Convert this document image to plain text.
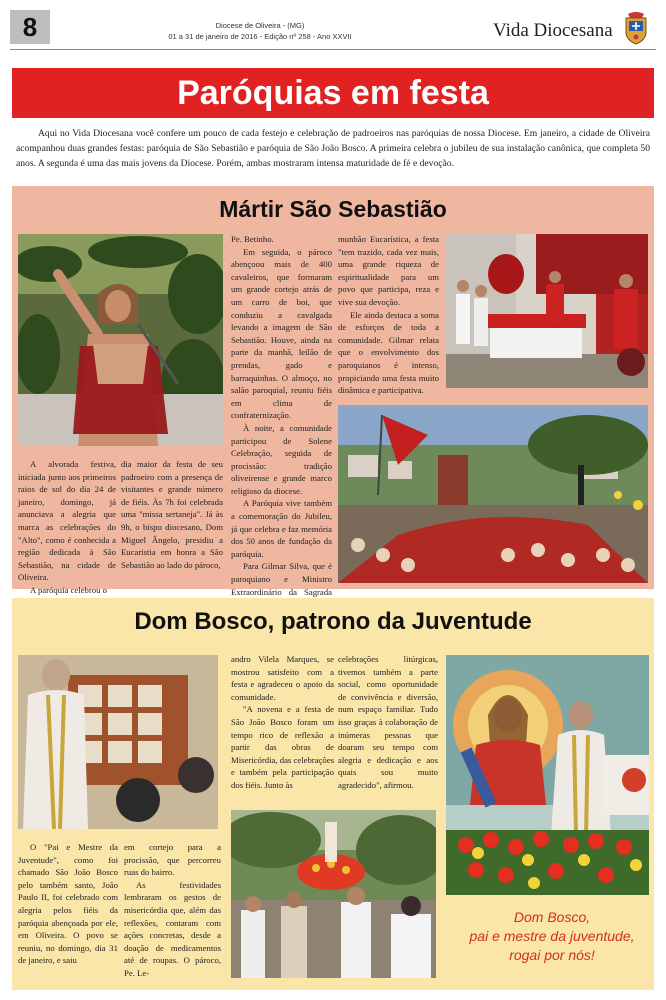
8	Diocese de Oliveira - (MG)
01 a 31 de janeiro de 2016 - Edição nº 258 - Ano XXVII	Vida Diocesana
Paróquias em festa
Aqui no Vida Diocesana você confere um pouco de cada festejo e celebração de padroeiros nas paróquias de nossa Diocese. Em janeiro, a cidade de Oliveira acompanhou duas grandes festas: paróquia de São Sebastião e paróquia de São João Bosco. A primeira celebra o jubileu de sua instalação canônica, que completa 50 anos. A segunda é uma das mais jovens da Diocese. Porém, ambas mostraram intensa maturidade de fé e devoção.
Mártir São Sebastião

A alvorada festiva, iniciada junto aos primeiros raios de sol do dia 24 de janeiro, domingo, já anunciava a alegria que marca as celebrações do "Alto", como é conhecida a região dedicada à São Sebastião, na cidade de Oliveira.

A paróquia celebrou o

dia maior da festa de seu padroeiro com a presença de visitantes e grande número de fiéis. Às 7h foi celebrada uma "missa sertaneja". Já às 9h, o bispo diocesano, Dom Miguel Ângelo, presidiu a Eucaristia em honra a São Sebastião ao lado do pároco,

Pe. Betinho.

Em seguida, o pároco abençoou mais de 400 cavaleiros, que formaram um grande cortejo atrás de um carro de boi, que conduziu a cavalgada levando a imagem de São Sebastião. Houve, ainda na parte da manhã, leilão de prendas, gado e barraquinhas. O almoço, no salão paroquial, reuniu fiéis em clima de confraternização.

À noite, a comunidade participou de Solene Celebração, seguida de procissão: tradição oliveirense e grande marco religioso da diocese.

A Paróquia vive também a comemoração do Jubileu, já que celebra e faz memória dos 50 anos de fundação da paróquia.

Para Gilmar Silva, que é paroquiano e Ministro Extraordinário da Sagrada

munhão Eucarística, a festa "tem trazido, cada vez mais, uma grande riqueza de espiritualidade para um povo que participa, reza e vive sua devoção.

Ele ainda destaca a soma de esforços de toda a comunidade. Gilmar relata que o envolvimento dos paroquianos é intenso, propiciando uma festa muito dinâmica e participativa.

Dom Bosco, patrono da Juventude

O "Pai e Mestre da Juventude", como foi chamado São João Bosco pelo também santo, João Paulo II, foi celebrado com alegria pelos fiéis da paróquia abençoada por ele, em Oliveira. O povo se reuniu, no domingo, dia 31 de janeiro, e saiu

em cortejo para a procissão, que percorreu ruas do bairro.

As festividades lembraram os gestos de misericórdia que, além das reflexões, contaram com ações concretas, desde a doação de medicamentos até de roupas. O pároco, Pe. Le-

andro Vilela Marques, se mostrou satisfeito com a festa e agradeceu o apoio da comunidade.

"A novena e a festa de São João Bosco foram um tempo rico de reflexão a partir das obras de Misericórdia, das celebrações e também pela participação dos fiéis. Junto às

celebrações litúrgicas, tivemos também a parte social, como oportunidade de convivência e diversão, num espaço familiar. Tudo isso graças à colaboração de inúmeras pessoas que doaram seu tempo com alegria e dedicação e aos quais sou muito agradecido", afirmou.

Dom Bosco,
pai e mestre da juventude,
rogai por nós!
